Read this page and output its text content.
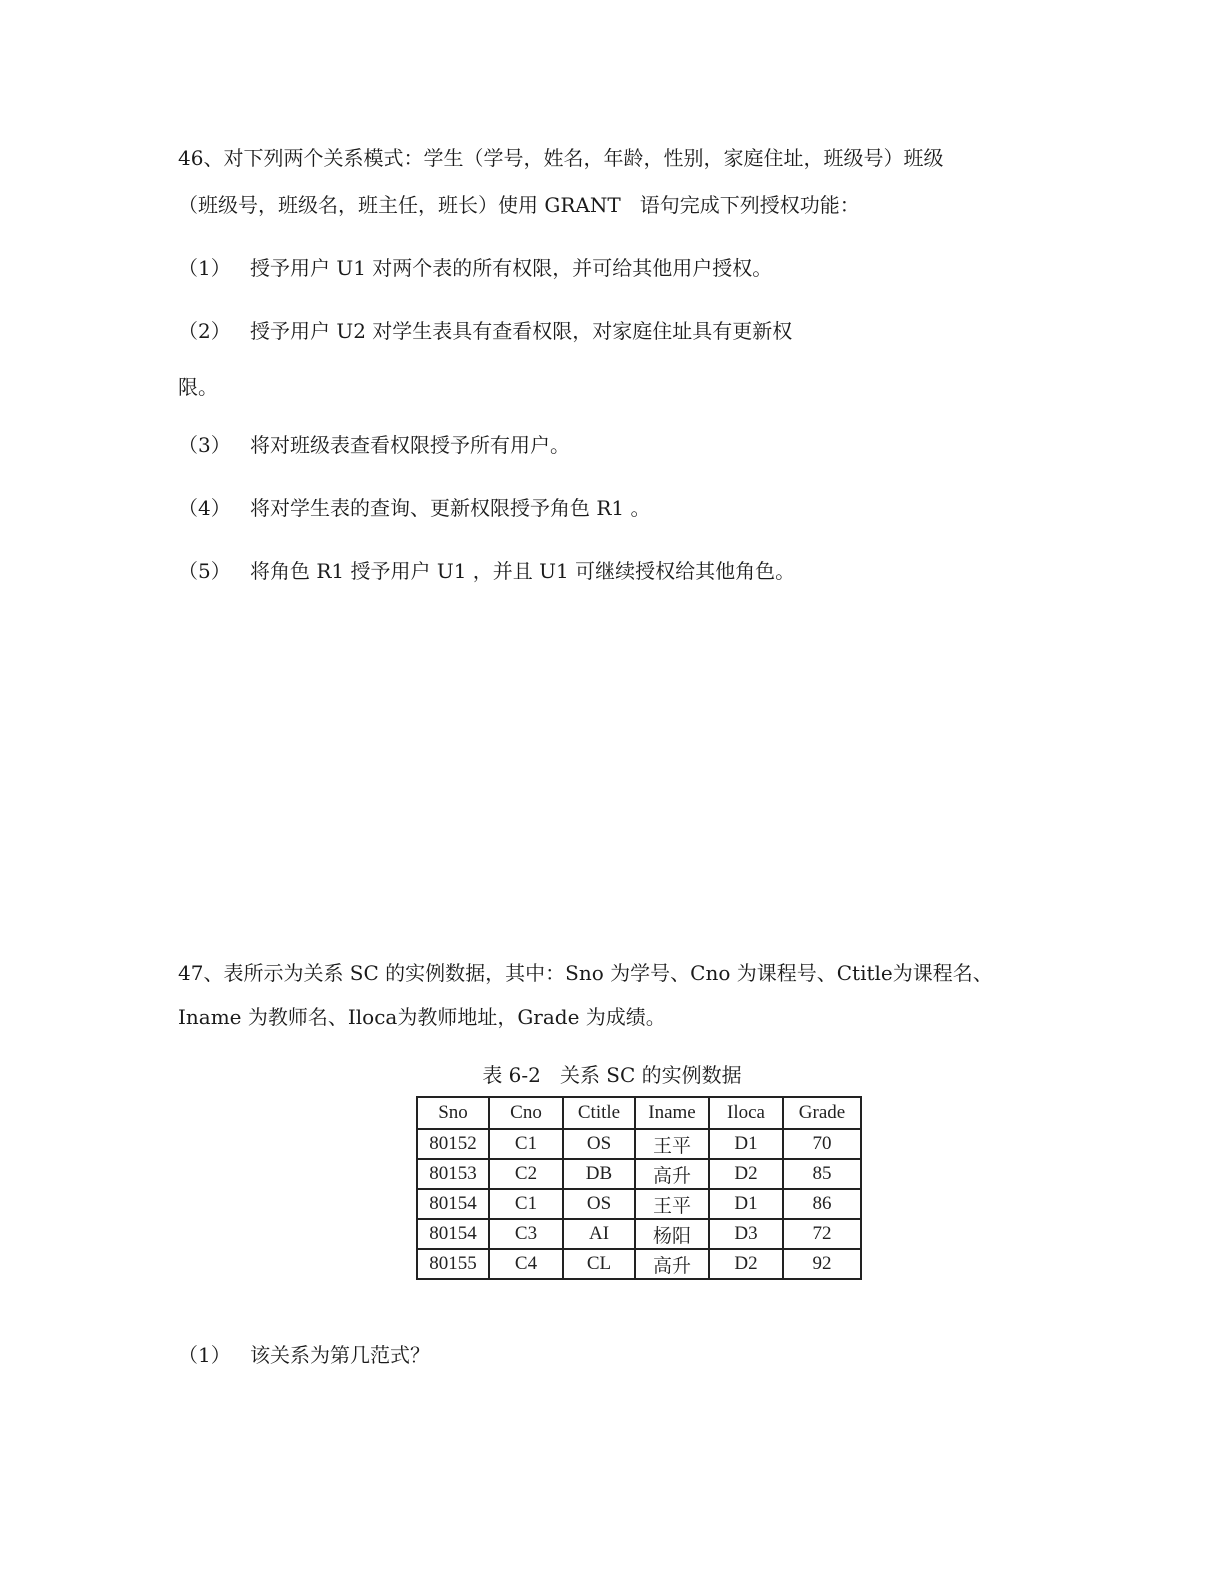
46、对下列两个关系模式：学生（学号，姓名，年龄，性别，家庭住址，班级号）班级

（班级号，班级名，班主任，班长）使用 GRANT   语句完成下列授权功能：

（1） 授予用户 U1 对两个表的所有权限，并可给其他用户授权。

（2） 授予用户 U2 对学生表具有查看权限，对家庭住址具有更新权

限。

（3） 将对班级表查看权限授予所有用户。

（4） 将对学生表的查询、更新权限授予角色 R1 。

（5） 将角色 R1 授予用户 U1 ，并且 U1 可继续授权给其他角色。

47、表所示为关系 SC 的实例数据，其中：Sno 为学号、Cno 为课程号、Ctitle为课程名、

Iname 为教师名、Iloca为教师地址，Grade 为成绩。

表 6-2   关系 SC 的实例数据
Sno	Cno	Ctitle	Iname	Iloca	Grade
80152	C1	OS	王平	D1	70
80153	C2	DB	高升	D2	85
80154	C1	OS	王平	D1	86
80154	C3	AI	杨阳	D3	72
80155	C4	CL	高升	D2	92

（1） 该关系为第几范式？
